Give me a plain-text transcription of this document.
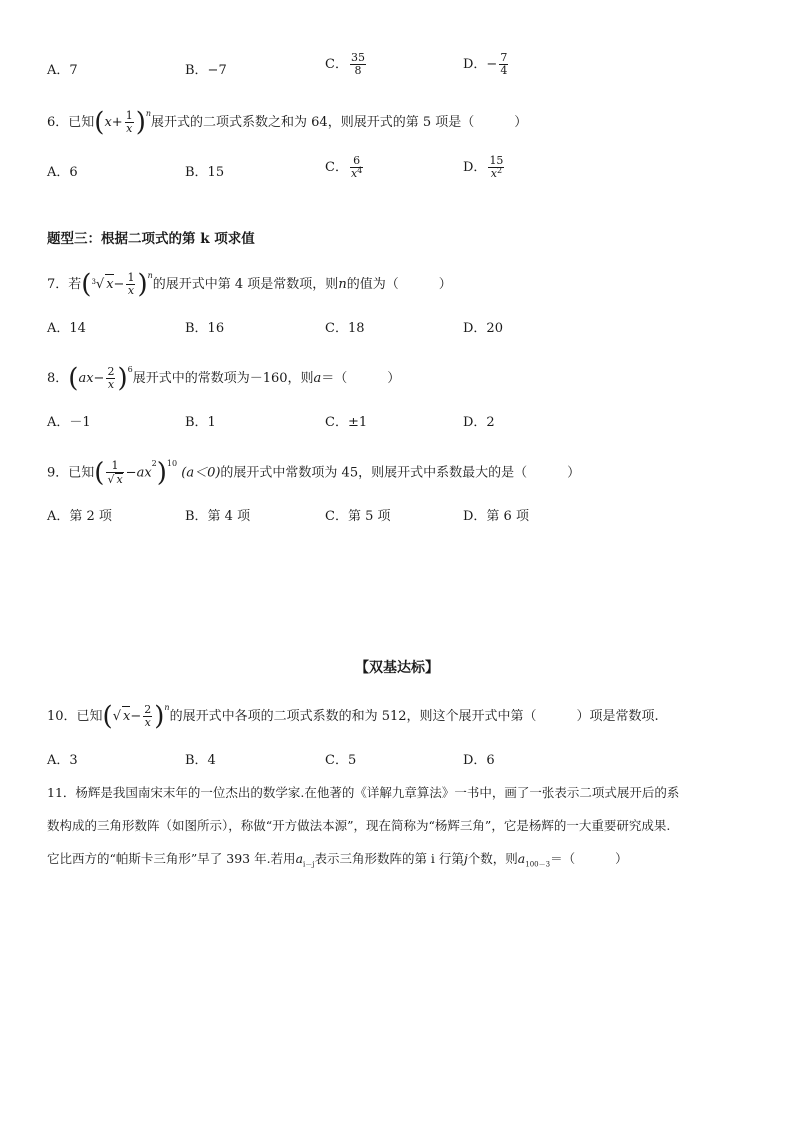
A．7	B．−7	C． $\frac{35}{8}$	D．− $\frac{7}{4}$
6．已知$(x+ \frac{1}{x} )^n$展开式的二项式系数之和为 64，则展开式的第 5 项是（	）
A．6	B．15	C． $\frac{6}{x^4}$	D． $\frac{15}{x^2}$
题型三：根据二项式的第 k 项求值
7．若($^3$√ $x- \frac{1}{x} )^n$的展开式中第 4 项是常数项，则n的值为（	）
A．14	B．16	C．18	D．20
8．$(ax- \frac{2}{x} )^6$展开式中的常数项为－160，则a＝（	）
A．－1	B．1	C．±1	D．2
9．已知( $\frac{1}{√ x} -ax^2)^{10}$ (a＜0)的展开式中常数项为 45，则展开式中系数最大的是（	）
A．第 2 项	B．第 4 项	C．第 5 项	D．第 6 项
【双基达标】
10．已知(√ $x- \frac{2}{x} )^n$的展开式中各项的二项式系数的和为 512，则这个展开式中第（	）项是常数项.
A．3	B．4	C．5	D．6
11．杨辉是我国南宋末年的一位杰出的数学家.在他著的《详解九章算法》一书中，画了一张表示二项式展开后的系
数构成的三角形数阵（如图所示），称做“开方做法本源”，现在简称为“杨辉三角”，它是杨辉的一大重要研究成果.
它比西方的“帕斯卡三角形”早了 393 年.若用$a_{i-j}$表示三角形数阵的第 i 行第j个数，则$a_{100-3}=$（	）
